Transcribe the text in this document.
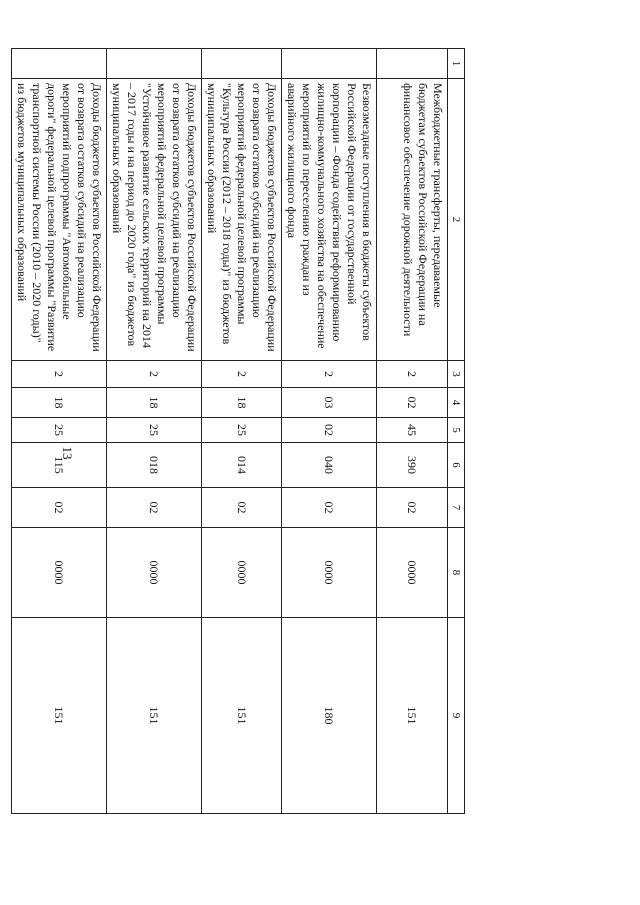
13
1	2	3	4	5	6	7	8	9
	Межбюджетные трансферты, передаваемые бюджетам субъектов Российской Федерации на финансовое обеспечение дорожной деятельности	2	02	45	390	02	0000	151
	Безвозмездные поступления в бюджеты субъектов Российской Федерации от государственной корпорации – Фонда содействия реформированию жилищно-коммунального хозяйства на обеспечение мероприятий по переселению граждан из аварийного жилищного фонда	2	03	02	040	02	0000	180
	Доходы бюджетов субъектов Российской Федерации от возврата остатков субсидий на реализацию мероприятий федеральной целевой программы "Культура России (2012 – 2018 годы)" из бюджетов муниципальных образований	2	18	25	014	02	0000	151
	Доходы бюджетов субъектов Российской Федерации от возврата остатков субсидий на реализацию мероприятий федеральной целевой программы "Устойчивое развитие сельских территорий на 2014 – 2017 годы и на период до 2020 года" из бюджетов муниципальных образований	2	18	25	018	02	0000	151
	Доходы бюджетов субъектов Российской Федерации от возврата остатков субсидий на реализацию мероприятий подпрограммы "Автомобильные дороги" федеральной целевой программы "Развитие транспортной системы России (2010 – 2020 годы)" из бюджетов муниципальных образований	2	18	25	115	02	0000	151
